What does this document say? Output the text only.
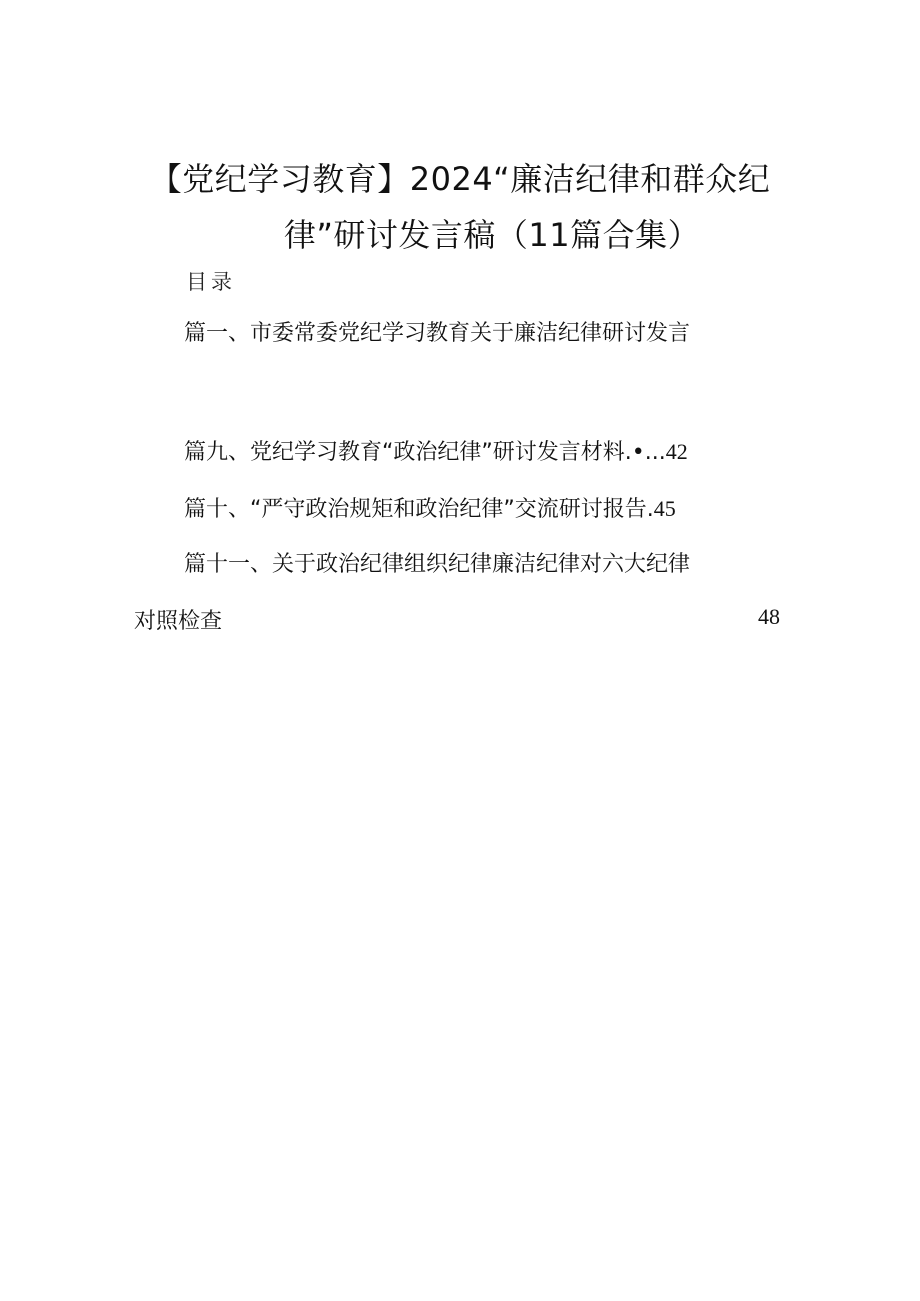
【党纪学习教育】2024“廉洁纪律和群众纪
律”研讨发言稿（11篇合集）
目录
篇一、市委常委党纪学习教育关于廉洁纪律研讨发言
篇九、党纪学习教育“政治纪律”研讨发言材料.•...42
篇十、“严守政治规矩和政治纪律”交流研讨报告.45
篇十一、关于政治纪律组织纪律廉洁纪律对六大纪律
对照检查	48
